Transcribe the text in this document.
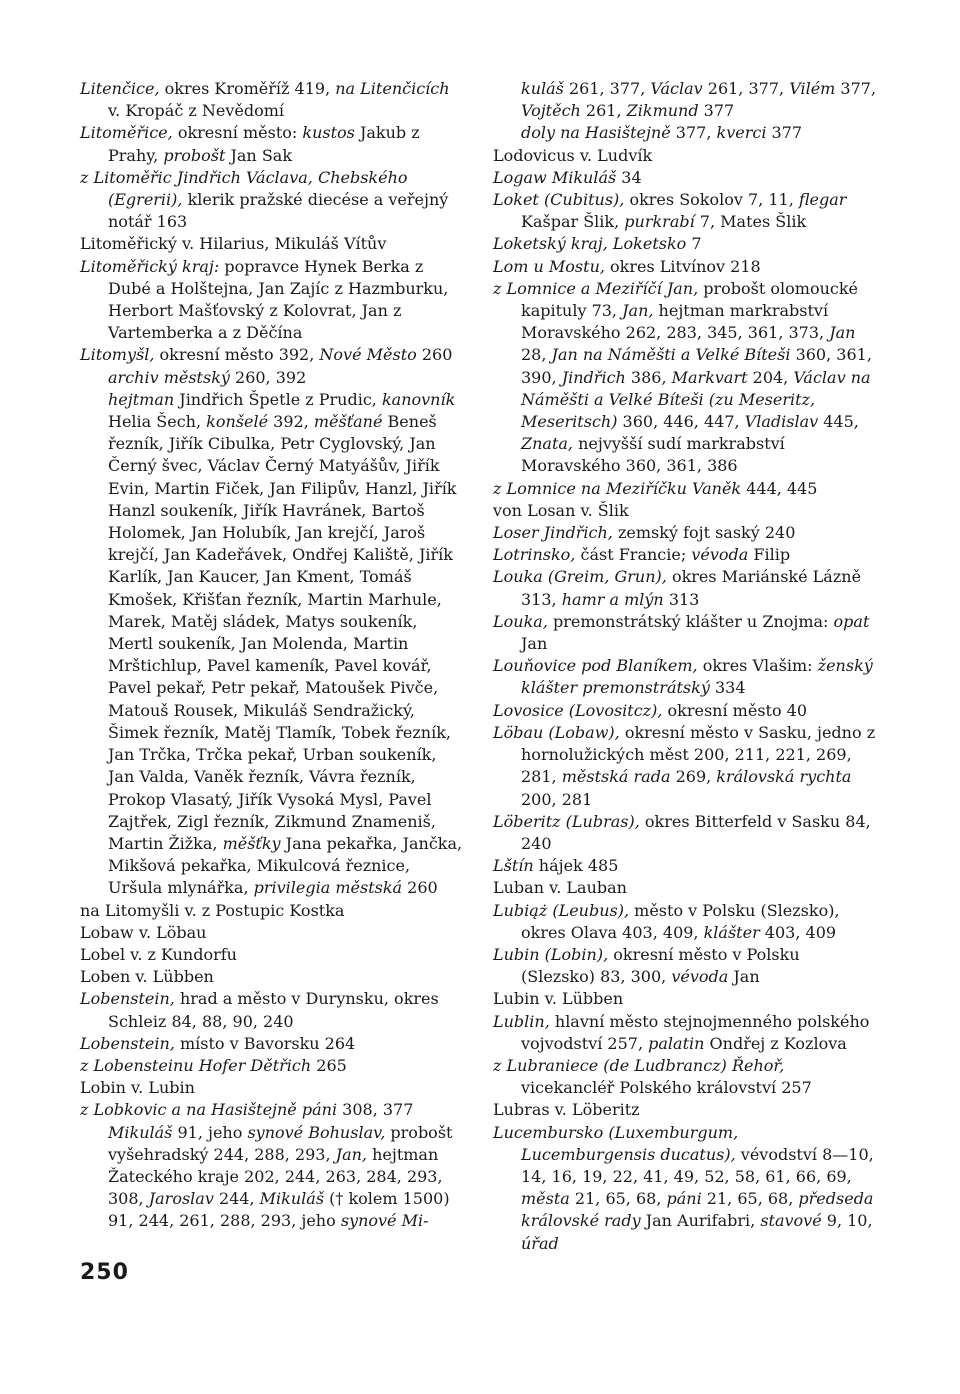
Litenčice, okres Kroměříž 419, na Litenčicích v. Kropáč z Nevědomí

Litoměřice, okresní město: kustos Jakub z Prahy, probošt Jan Sak

z Litoměřic Jindřich Václava, Chebského (Egrerii), klerik pražské diecése a veřejný notář 163

Litoměřický v. Hilarius, Mikuláš Vítův

Litoměřický kraj: popravce Hynek Berka z Dubé a Holštejna, Jan Zajíc z Hazmburku, Herbort Mašťovský z Kolovrat, Jan z Vartemberka a z Děčína

Litomyšl, okresní město 392, Nové Město 260

archiv městský 260, 392

hejtman Jindřich Špetle z Prudic, kanovník Helia Šech, konšelé 392, měšťané Beneš řezník, Jiřík Cibulka, Petr Cyglovský, Jan Černý švec, Václav Černý Matyášův, Jiřík Evin, Martin Fiček, Jan Filipův, Hanzl, Jiřík Hanzl soukeník, Jiřík Havránek, Bartoš Holomek, Jan Holubík, Jan krejčí, Jaroš krejčí, Jan Kadeřávek, Ondřej Kaliště, Jiřík Karlík, Jan Kaucer, Jan Kment, Tomáš Kmošek, Křišťan řezník, Martin Marhule, Marek, Matěj sládek, Matys soukeník, Mertl soukeník, Jan Molenda, Martin Mrštichlup, Pavel kameník, Pavel kovář, Pavel pekař, Petr pekař, Matoušek Pivče, Matouš Rousek, Mikuláš Sendražický, Šimek řezník, Matěj Tlamík, Tobek řezník, Jan Trčka, Trčka pekař, Urban soukeník, Jan Valda, Vaněk řezník, Vávra řezník, Prokop Vlasatý, Jiřík Vysoká Mysl, Pavel Zajtřek, Zigl řezník, Zikmund Znameniš, Martin Žižka, měšťky Jana pekařka, Jančka, Mikšová pekařka, Mikulcová řeznice, Uršula mlynářka, privilegia městská 260

na Litomyšli v. z Postupic Kostka

Lobaw v. Löbau

Lobel v. z Kundorfu

Loben v. Lübben

Lobenstein, hrad a město v Durynsku, okres Schleiz 84, 88, 90, 240

Lobenstein, místo v Bavorsku 264

z Lobensteinu Hofer Dětřich 265

Lobin v. Lubin

z Lobkovic a na Hasištejně páni 308, 377

Mikuláš 91, jeho synové Bohuslav, probošt vyšehradský 244, 288, 293, Jan, hejtman Žateckého kraje 202, 244, 263, 284, 293, 308, Jaroslav 244, Mikuláš († kolem 1500) 91, 244, 261, 288, 293, jeho synové Mi-

kuláš 261, 377, Václav 261, 377, Vilém 377, Vojtěch 261, Zikmund 377

doly na Hasištejně 377, kverci 377

Lodovicus v. Ludvík

Logaw Mikuláš 34

Loket (Cubitus), okres Sokolov 7, 11, flegar Kašpar Šlik, purkrabí 7, Mates Šlik

Loketský kraj, Loketsko 7

Lom u Mostu, okres Litvínov 218

z Lomnice a Meziříčí Jan, probošt olomoucké kapituly 73, Jan, hejtman markrabství Moravského 262, 283, 345, 361, 373, Jan 28, Jan na Náměšti a Velké Bíteši 360, 361, 390, Jindřich 386, Markvart 204, Václav na Náměšti a Velké Bíteši (zu Meseritz, Meseritsch) 360, 446, 447, Vladislav 445, Znata, nejvyšší sudí markrabství Moravského 360, 361, 386

z Lomnice na Meziříčku Vaněk 444, 445

von Losan v. Šlik

Loser Jindřich, zemský fojt saský 240

Lotrinsko, část Francie; vévoda Filip

Louka (Greim, Grun), okres Mariánské Lázně 313, hamr a mlýn 313

Louka, premonstrátský klášter u Znojma: opat Jan

Louňovice pod Blaníkem, okres Vlašim: ženský klášter premonstrátský 334

Lovosice (Lovositcz), okresní město 40

Löbau (Lobaw), okresní město v Sasku, jedno z hornolužických měst 200, 211, 221, 269, 281, městská rada 269, královská rychta 200, 281

Löberitz (Lubras), okres Bitterfeld v Sasku 84, 240

Lštín hájek 485

Luban v. Lauban

Lubiąż (Leubus), město v Polsku (Slezsko), okres Olava 403, 409, klášter 403, 409

Lubin (Lobin), okresní město v Polsku (Slezsko) 83, 300, vévoda Jan

Lubin v. Lübben

Lublin, hlavní město stejnojmenného polského vojvodství 257, palatin Ondřej z Kozlova

z Lubraniece (de Ludbrancz) Řehoř, vicekancléř Polského království 257

Lubras v. Löberitz

Lucembursko (Luxemburgum, Lucemburgensis ducatus), vévodství 8—10, 14, 16, 19, 22, 41, 49, 52, 58, 61, 66, 69, města 21, 65, 68, páni 21, 65, 68, předseda královské rady Jan Aurifabri, stavové 9, 10, úřad

250
